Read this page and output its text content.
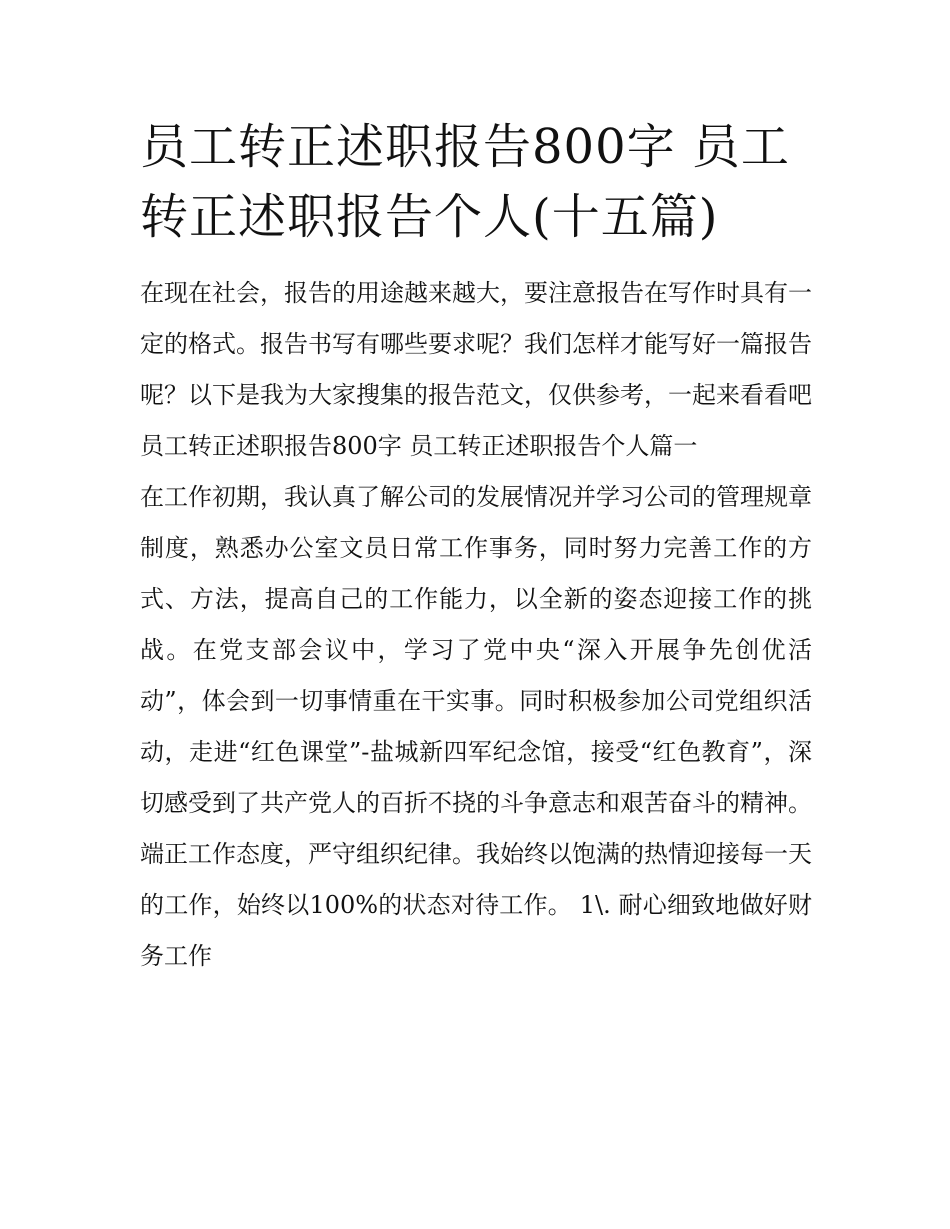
员工转正述职报告800字 员工转正述职报告个人(十五篇)

在现在社会，报告的用途越来越大，要注意报告在写作时具有一定的格式。报告书写有哪些要求呢？我们怎样才能写好一篇报告呢？以下是我为大家搜集的报告范文，仅供参考，一起来看看吧

员工转正述职报告800字 员工转正述职报告个人篇一

在工作初期，我认真了解公司的发展情况并学习公司的管理规章制度，熟悉办公室文员日常工作事务，同时努力完善工作的方式、方法，提高自己的工作能力，以全新的姿态迎接工作的挑战。在党支部会议中，学习了党中央“深入开展争先创优活动”，体会到一切事情重在干实事。同时积极参加公司党组织活动，走进“红色课堂”-盐城新四军纪念馆，接受“红色教育”，深切感受到了共产党人的百折不挠的斗争意志和艰苦奋斗的精神。

端正工作态度，严守组织纪律。我始终以饱满的热情迎接每一天的工作，始终以100%的状态对待工作。 1\. 耐心细致地做好财务工作
